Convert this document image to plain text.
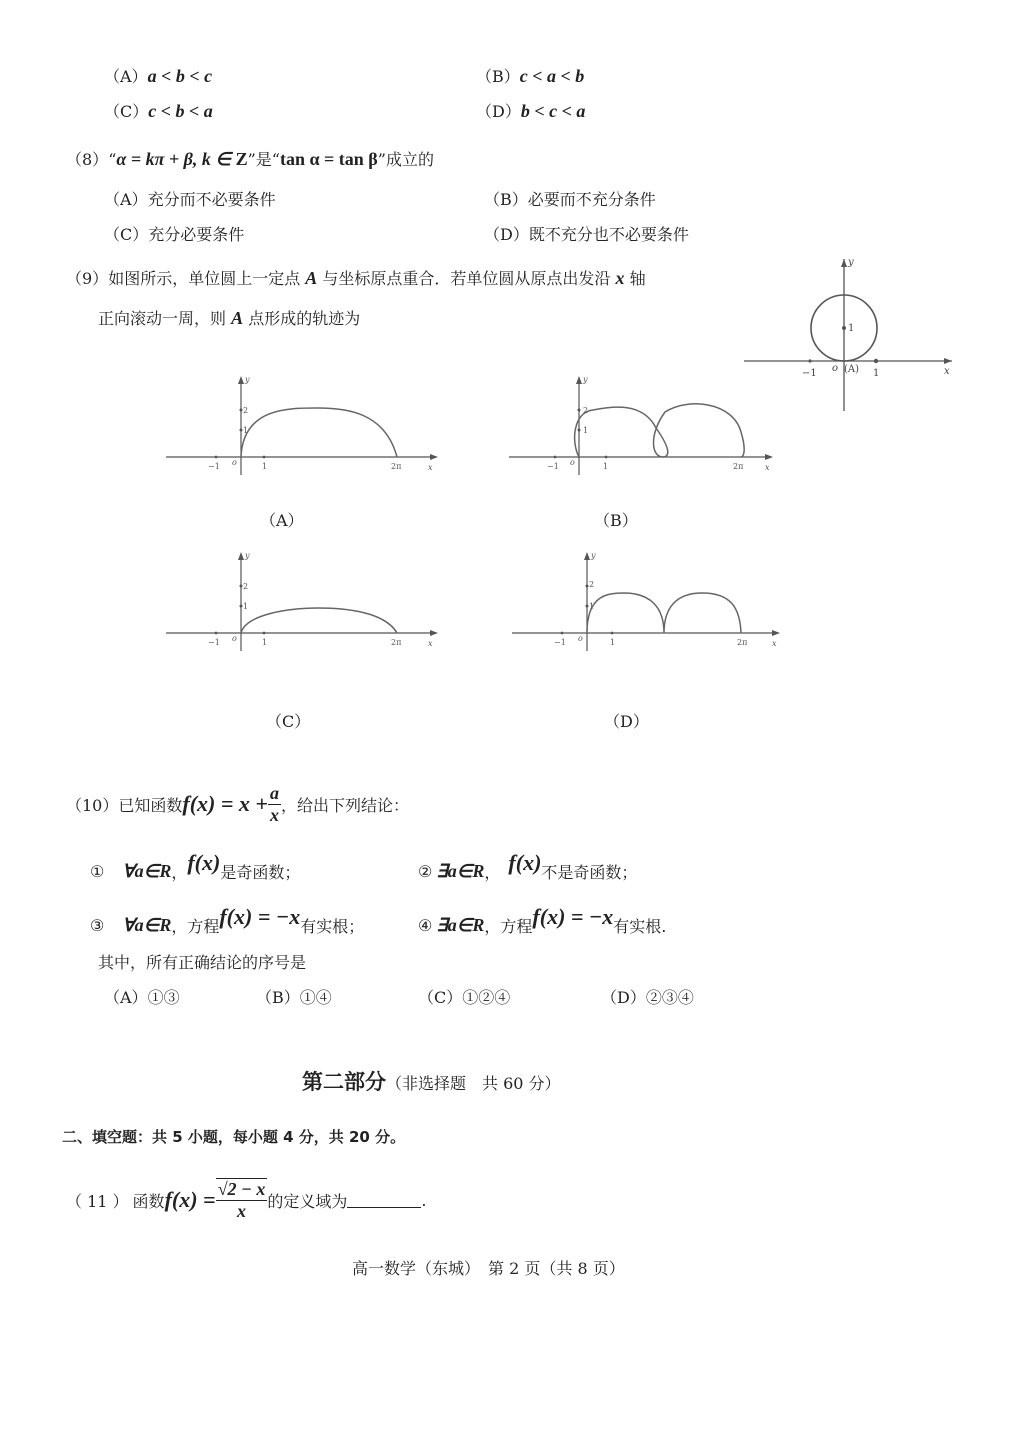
（A）a < b < c	（B）c < a < b
（C）c < b < a	（D）b < c < a
（8）“α = kπ + β, k ∈ Z”是“tan α = tan β”成立的
（A）充分而不必要条件	（B）必要而不充分条件
（C）充分必要条件	（D）既不充分也不必要条件
（9）如图所示，单位圆上一定点 A 与坐标原点重合．若单位圆从原点出发沿 x 轴
正向滚动一周，则 A 点形成的轨迹为
y
x
1
1
−1 o (A)
y
x
2
1
1
−1 o	2π
（A）
y
x
2
1
1
−1 o	2π
（B）
y
x
2
1
1
−1 o	2π
（C）
y
x
2
1
1
−1 o	2π
（D）
（10） 已知函数 $f(x) = x + \frac{a}{x}$ ，给出下列结论：
① ∀a∈R ， f(x) 是奇函数；	② ∃a∈R ， f(x) 不是奇函数；
③ ∀a∈R ，方程 f(x) = −x 有实根；	④ ∃a∈R ，方程 f(x) = −x 有实根.
其中，所有正确结论的序号是
（A）①③	（B）①④	（C）①②④	（D）②③④
第二部分（非选择题　共 60 分）
二、填空题：共 5 小题，每小题 4 分，共 20 分。
（ 11 ） 函数 $f(x) = \frac{√2 - x}{x}$ 的定义域为	.
高一数学（东城）　第 2 页（共 8 页）
